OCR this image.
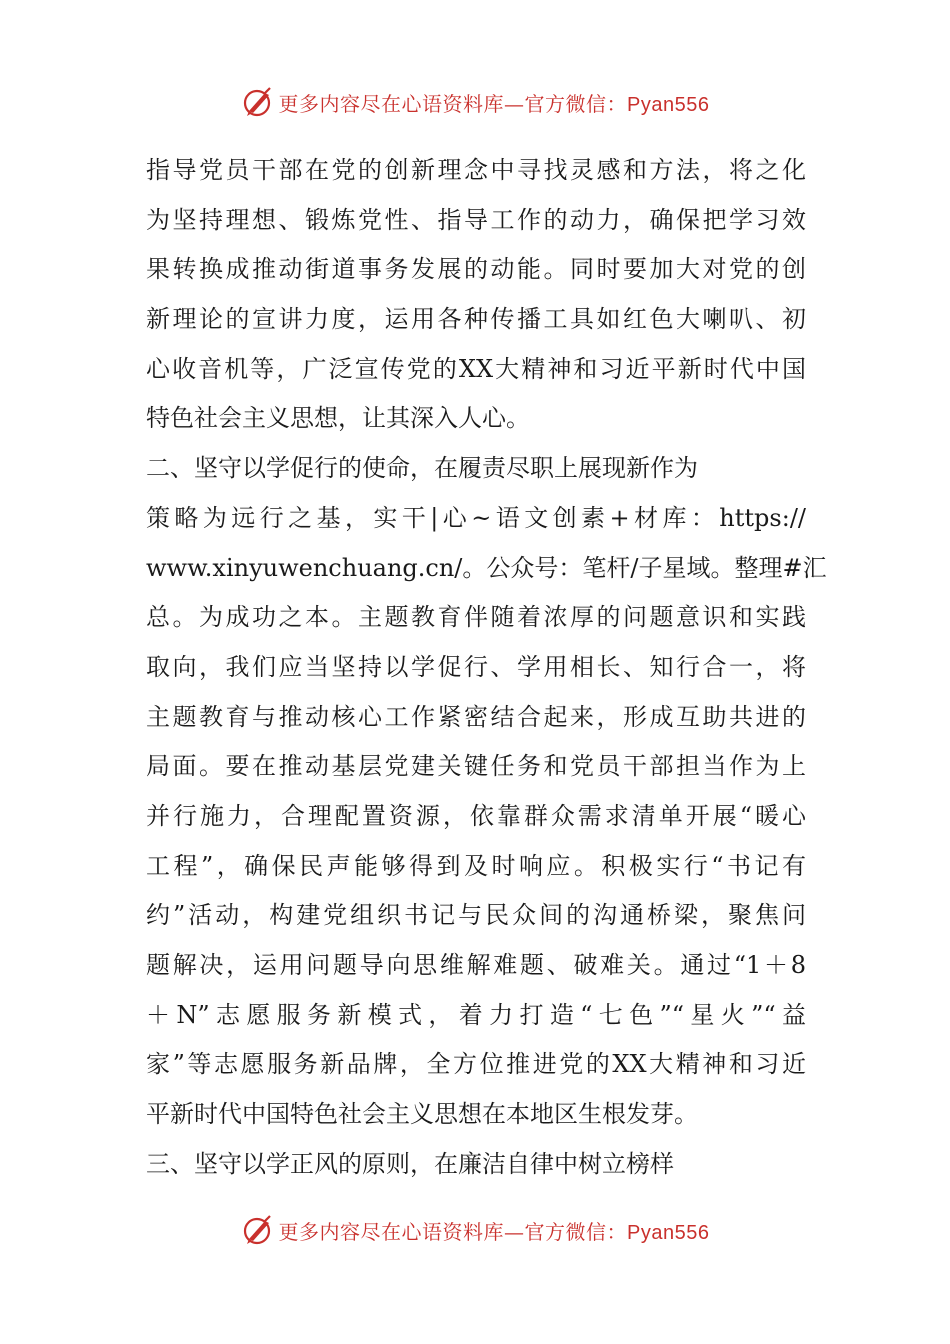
更多内容尽在心语资料库—官方微信：Pyan556
指导党员干部在党的创新理念中寻找灵感和方法，将之化
为坚持理想、锻炼党性、指导工作的动力，确保把学习效
果转换成推动街道事务发展的动能。同时要加大对党的创
新理论的宣讲力度，运用各种传播工具如红色大喇叭、初
心收音机等，广泛宣传党的XX大精神和习近平新时代中国
特色社会主义思想，让其深入人心。
二、坚守以学促行的使命，在履责尽职上展现新作为
策略为远行之基，实干|心~语文创素+材库：https://
www.xinyuwenchuang.cn/。公众号：笔杆/子星域。整理#汇
总。为成功之本。主题教育伴随着浓厚的问题意识和实践
取向，我们应当坚持以学促行、学用相长、知行合一，将
主题教育与推动核心工作紧密结合起来，形成互助共进的
局面。要在推动基层党建关键任务和党员干部担当作为上
并行施力，合理配置资源，依靠群众需求清单开展“暖心
工程”，确保民声能够得到及时响应。积极实行“书记有
约”活动，构建党组织书记与民众间的沟通桥梁，聚焦问
题解决，运用问题导向思维解难题、破难关。通过“1＋8
＋N”志愿服务新模式，着力打造“七色”“星火”“益
家”等志愿服务新品牌，全方位推进党的XX大精神和习近
平新时代中国特色社会主义思想在本地区生根发芽。
三、坚守以学正风的原则，在廉洁自律中树立榜样
更多内容尽在心语资料库—官方微信：Pyan556
